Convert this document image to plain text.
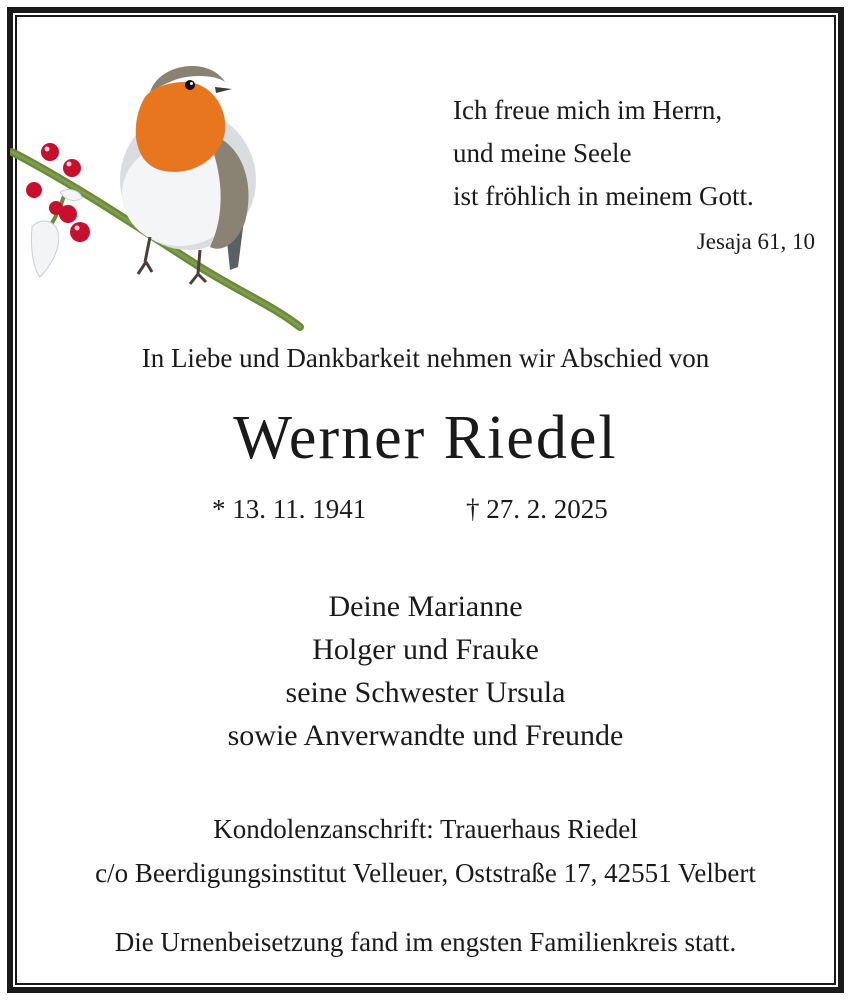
Ich freue mich im Herrn,
und meine Seele
ist fröhlich in meinem Gott.
Jesaja 61, 10
In Liebe und Dankbarkeit nehmen wir Abschied von
Werner Riedel
* 13. 11. 1941	† 27. 2. 2025
Deine Marianne
Holger und Frauke
seine Schwester Ursula
sowie Anverwandte und Freunde
Kondolenzanschrift: Trauerhaus Riedel
c/o Beerdigungsinstitut Velleuer, Oststraße 17, 42551 Velbert
Die Urnenbeisetzung fand im engsten Familienkreis statt.
